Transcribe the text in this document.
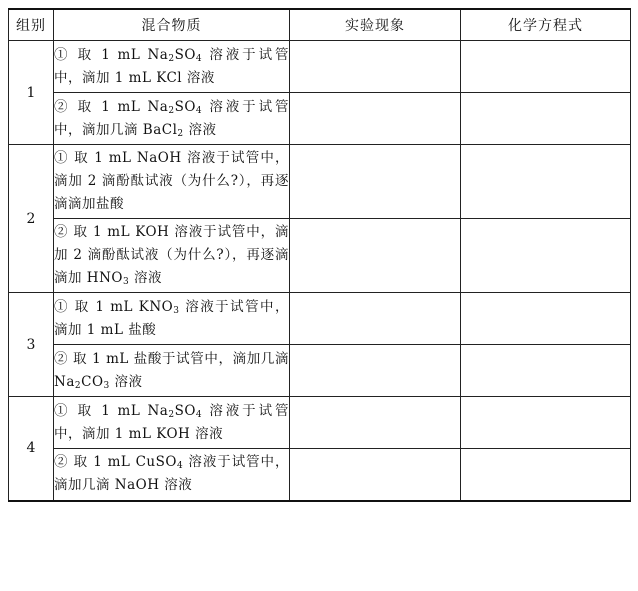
组别	混合物质	实验现象	化学方程式
1	① 取 1 mL $Na_2SO_4$ 溶液于试管中，滴加 1 mL KCl 溶液		
	② 取 1 mL $Na_2SO_4$ 溶液于试管中，滴加几滴 BaCl$_2$ 溶液		
2	① 取 1 mL NaOH 溶液于试管中，滴加 2 滴酚酞试液（为什么?），再逐滴滴加盐酸		
	② 取 1 mL KOH 溶液于试管中，滴加 2 滴酚酞试液（为什么?），再逐滴滴加 $HNO_3$ 溶液		
3	① 取 1 mL $KNO_3$ 溶液于试管中，滴加 1 mL 盐酸		
	② 取 1 mL 盐酸于试管中，滴加几滴 $Na_2CO_3$ 溶液		
4	① 取 1 mL $Na_2SO_4$ 溶液于试管中，滴加 1 mL KOH 溶液		
	② 取 1 mL CuSO$_4$ 溶液于试管中，滴加几滴 NaOH 溶液		
